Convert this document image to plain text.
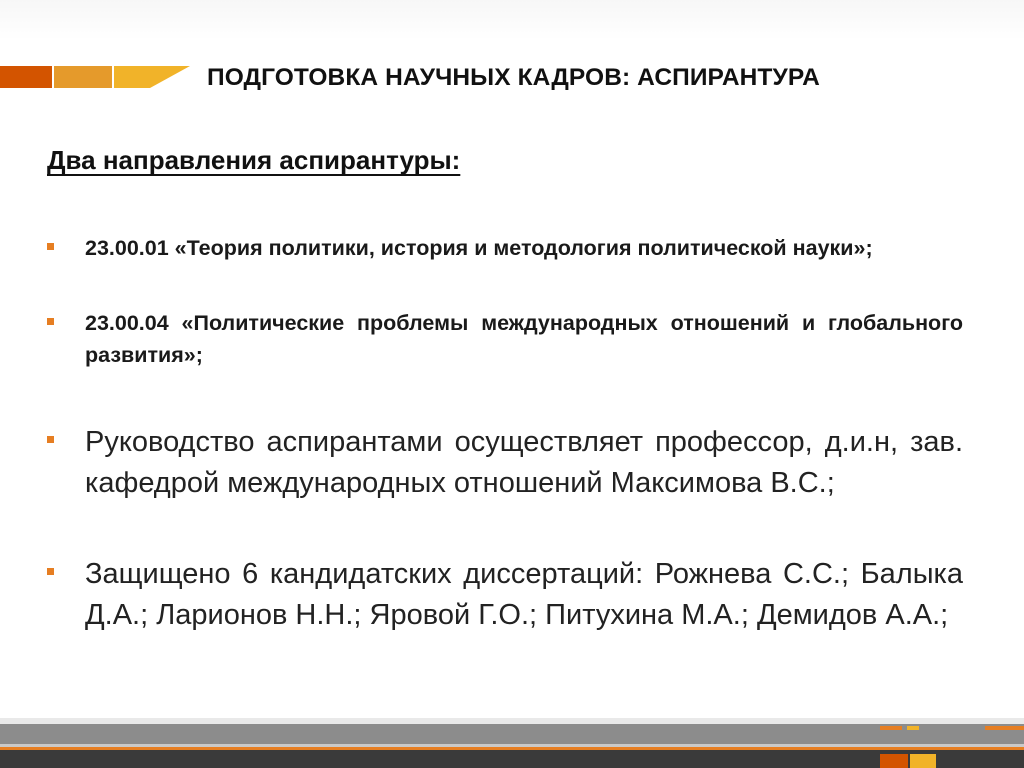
ПОДГОТОВКА НАУЧНЫХ КАДРОВ: АСПИРАНТУРА
Два направления аспирантуры:

23.00.01 «Теория политики, история и методология политической науки»;

23.00.04 «Политические проблемы международных отношений и глобального развития»;

Руководство аспирантами осуществляет профессор, д.и.н, зав. кафедрой международных отношений Максимова В.С.;

Защищено 6 кандидатских диссертаций: Рожнева С.С.; Балыка Д.А.; Ларионов Н.Н.; Яровой Г.О.; Питухина М.А.; Демидов А.А.;
